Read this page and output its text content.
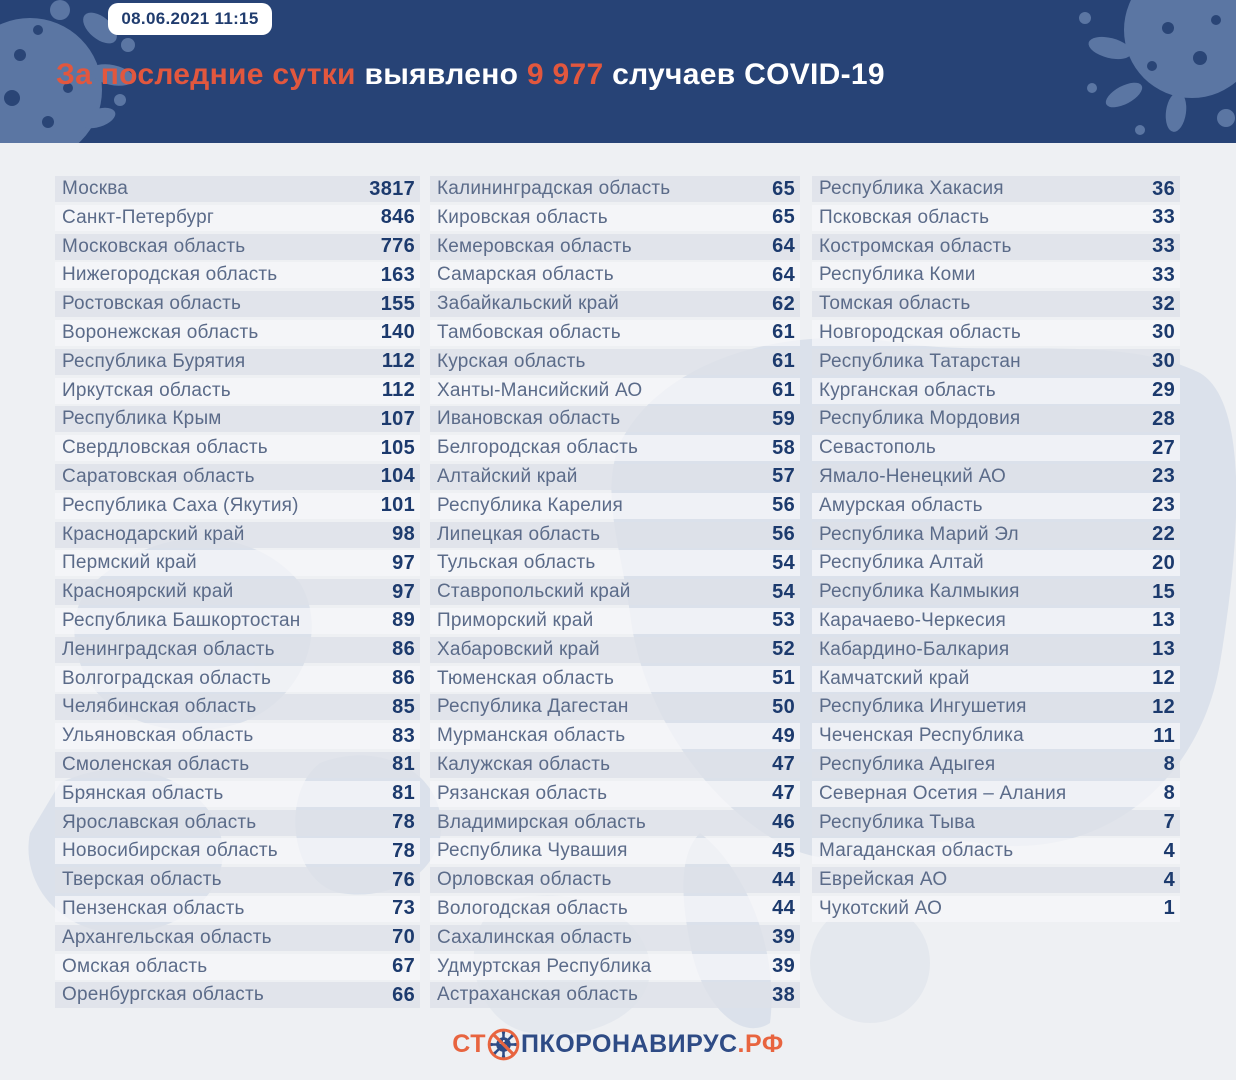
08.06.2021 11:15
За последние сутки выявлено 9 977 случаев COVID-19
Москва	3817
Санкт-Петербург	846
Московская область	776
Нижегородская область	163
Ростовская область	155
Воронежская область	140
Республика Бурятия	112
Иркутская область	112
Республика Крым	107
Свердловская область	105
Саратовская область	104
Республика Саха (Якутия)	101
Краснодарский край	98
Пермский край	97
Красноярский край	97
Республика Башкортостан	89
Ленинградская область	86
Волгоградская область	86
Челябинская область	85
Ульяновская область	83
Смоленская область	81
Брянская область	81
Ярославская область	78
Новосибирская область	78
Тверская область	76
Пензенская область	73
Архангельская область	70
Омская область	67
Оренбургская область	66
Калининградская область	65
Кировская область	65
Кемеровская область	64
Самарская область	64
Забайкальский край	62
Тамбовская область	61
Курская область	61
Ханты-Мансийский АО	61
Ивановская область	59
Белгородская область	58
Алтайский край	57
Республика Карелия	56
Липецкая область	56
Тульская область	54
Ставропольский край	54
Приморский край	53
Хабаровский край	52
Тюменская область	51
Республика Дагестан	50
Мурманская область	49
Калужская область	47
Рязанская область	47
Владимирская область	46
Республика Чувашия	45
Орловская область	44
Вологодская область	44
Сахалинская область	39
Удмуртская Республика	39
Астраханская область	38
Республика Хакасия	36
Псковская область	33
Костромская область	33
Республика Коми	33
Томская область	32
Новгородская область	30
Республика Татарстан	30
Курганская область	29
Республика Мордовия	28
Севастополь	27
Ямало-Ненецкий АО	23
Амурская область	23
Республика Марий Эл	22
Республика Алтай	20
Республика Калмыкия	15
Карачаево-Черкесия	13
Кабардино-Балкария	13
Камчатский край	12
Республика Ингушетия	12
Чеченская Республика	11
Республика Адыгея	8
Северная Осетия – Алания	8
Республика Тыва	7
Магаданская область	4
Еврейская АО	4
Чукотский АО	1
СТ ПКОРОНАВИРУС .РФ
